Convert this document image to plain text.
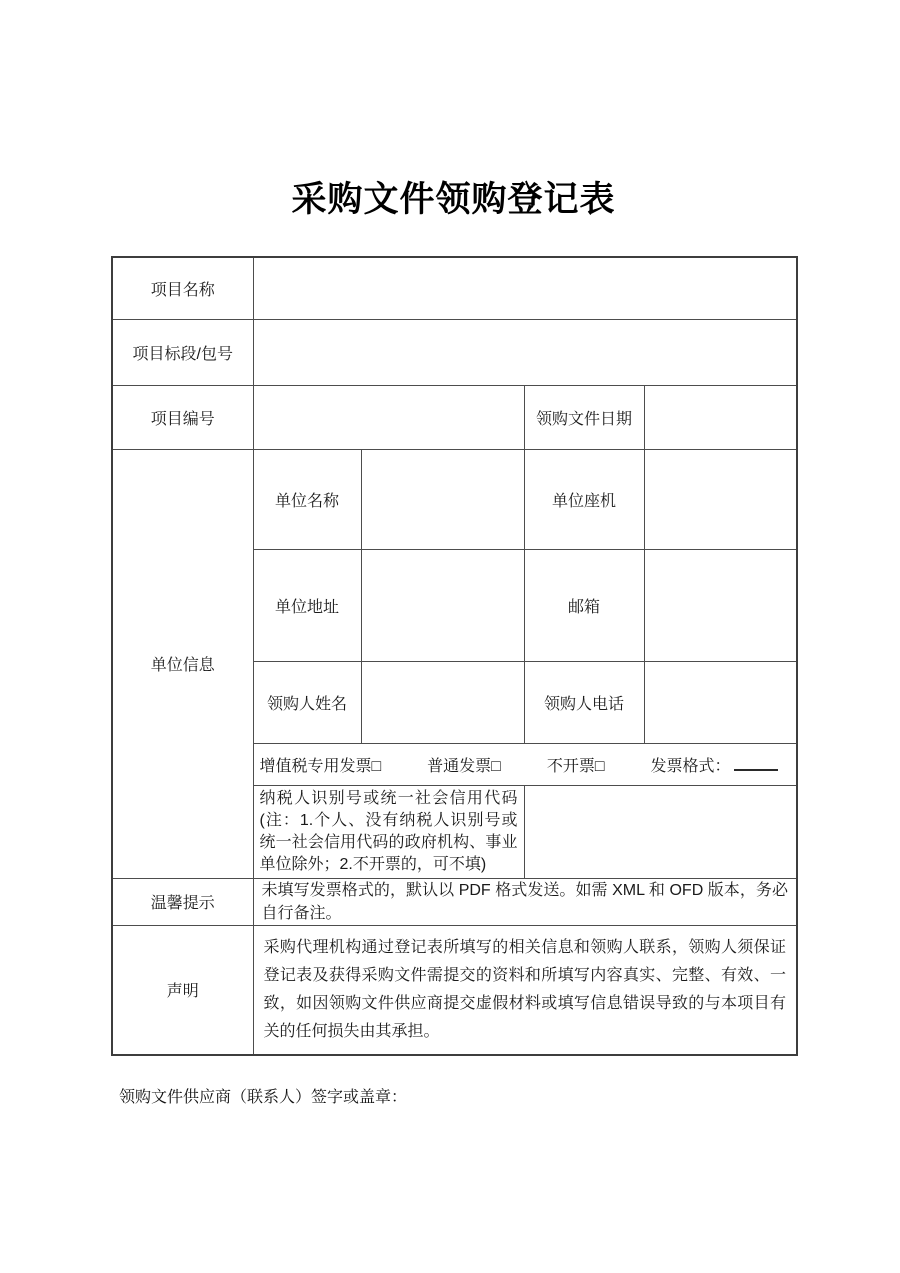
采购文件领购登记表
项目名称				
项目标段/包号				
项目编号			领购文件日期	
单位信息	单位名称		单位座机	
	单位地址		邮箱	
	领购人姓名		领购人电话	

	增值税专用发票□ 普通发票□ 不开票□ 发票格式：			

	纳税人识别号或统一社会信用代码(注：1.个人、没有纳税人识别号或统一社会信用代码的政府机构、事业单位除外；2.不开票的，可不填)			
温馨提示	未填写发票格式的，默认以 PDF 格式发送。如需 XML 和 OFD 版本，务必自行备注。			
声明	采购代理机构通过登记表所填写的相关信息和领购人联系，领购人须保证登记表及获得采购文件需提交的资料和所填写内容真实、完整、有效、一致，如因领购文件供应商提交虚假材料或填写信息错误导致的与本项目有关的任何损失由其承担。			
领购文件供应商（联系人）签字或盖章：
